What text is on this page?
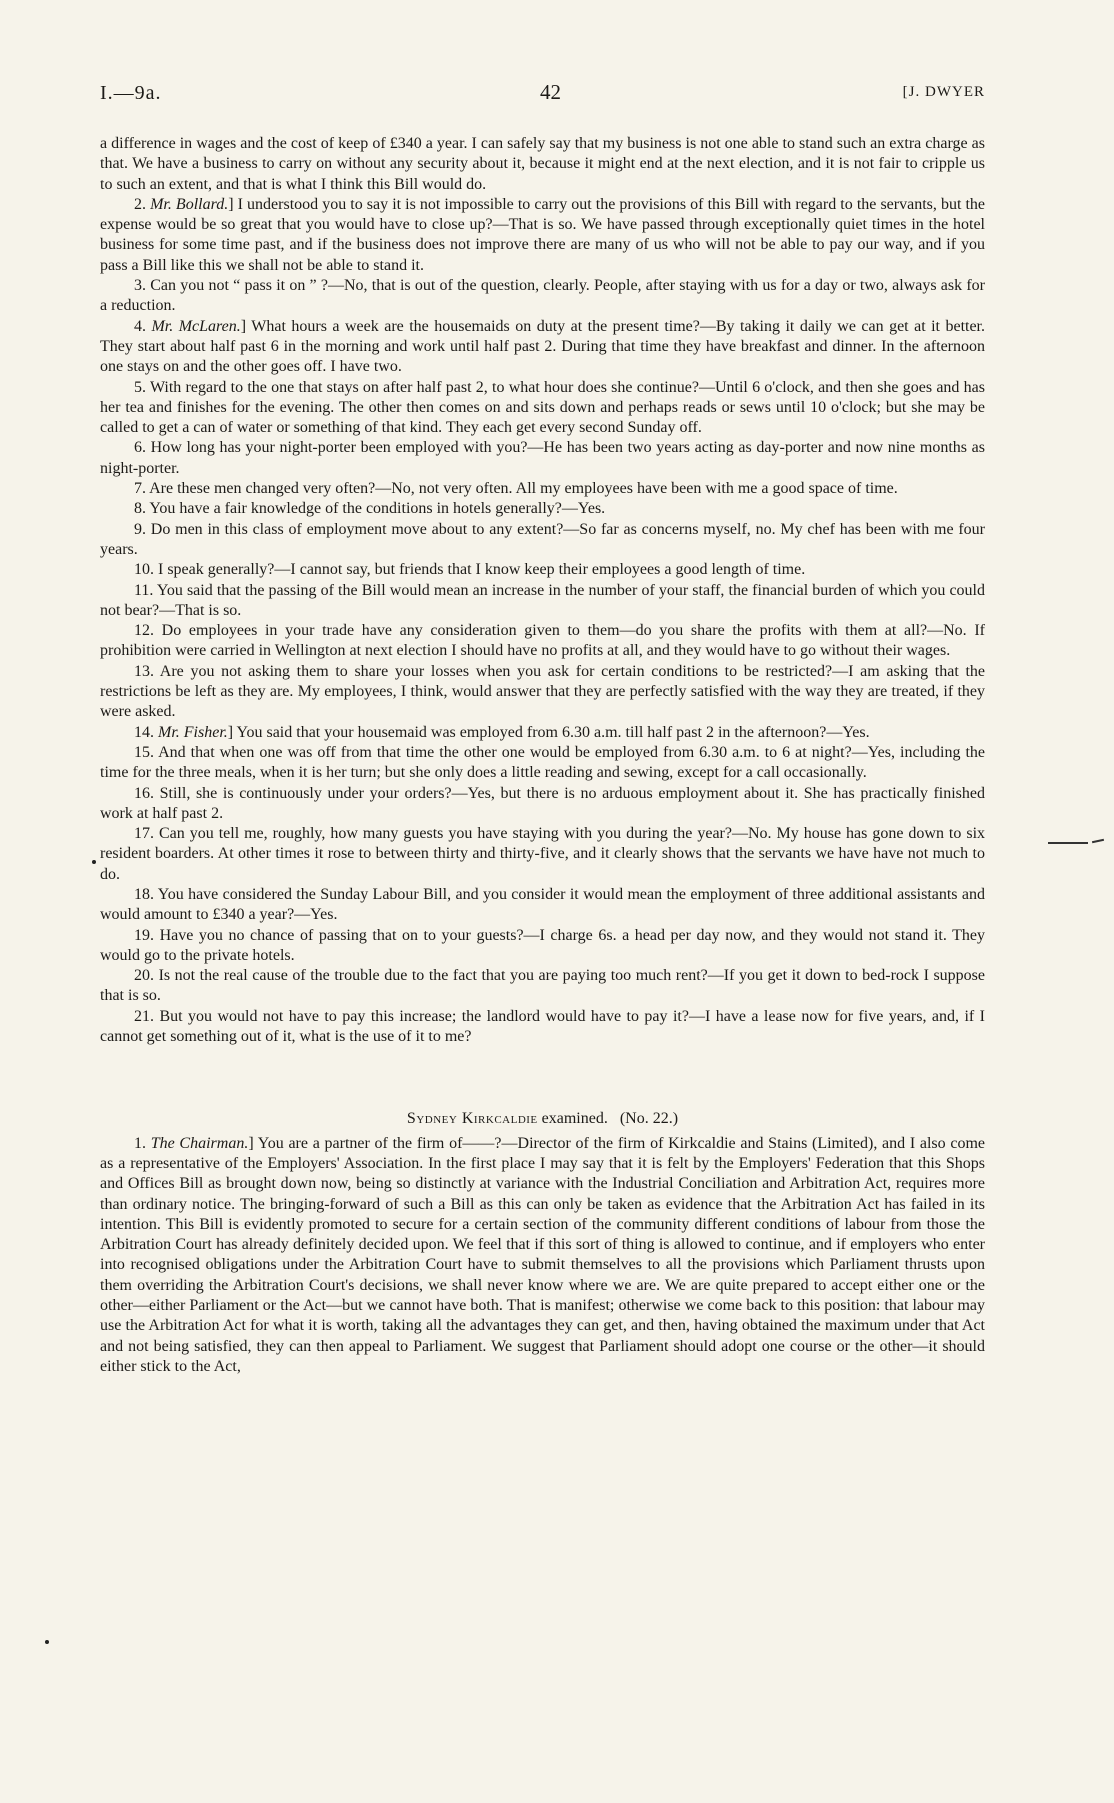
I.—9a.	42	[J. DWYER

a difference in wages and the cost of keep of £340 a year. I can safely say that my business is not one able to stand such an extra charge as that. We have a business to carry on without any security about it, because it might end at the next election, and it is not fair to cripple us to such an extent, and that is what I think this Bill would do.

2. Mr. Bollard.] I understood you to say it is not impossible to carry out the provisions of this Bill with regard to the servants, but the expense would be so great that you would have to close up?—That is so. We have passed through exceptionally quiet times in the hotel business for some time past, and if the business does not improve there are many of us who will not be able to pay our way, and if you pass a Bill like this we shall not be able to stand it.

3. Can you not “ pass it on ” ?—No, that is out of the question, clearly. People, after staying with us for a day or two, always ask for a reduction.

4. Mr. McLaren.] What hours a week are the housemaids on duty at the present time?—By taking it daily we can get at it better. They start about half past 6 in the morning and work until half past 2. During that time they have breakfast and dinner. In the afternoon one stays on and the other goes off. I have two.

5. With regard to the one that stays on after half past 2, to what hour does she continue?—Until 6 o'clock, and then she goes and has her tea and finishes for the evening. The other then comes on and sits down and perhaps reads or sews until 10 o'clock; but she may be called to get a can of water or something of that kind. They each get every second Sunday off.

6. How long has your night-porter been employed with you?—He has been two years acting as day-porter and now nine months as night-porter.

7. Are these men changed very often?—No, not very often. All my employees have been with me a good space of time.

8. You have a fair knowledge of the conditions in hotels generally?—Yes.

9. Do men in this class of employment move about to any extent?—So far as concerns myself, no. My chef has been with me four years.

10. I speak generally?—I cannot say, but friends that I know keep their employees a good length of time.

11. You said that the passing of the Bill would mean an increase in the number of your staff, the financial burden of which you could not bear?—That is so.

12. Do employees in your trade have any consideration given to them—do you share the profits with them at all?—No. If prohibition were carried in Wellington at next election I should have no profits at all, and they would have to go without their wages.

13. Are you not asking them to share your losses when you ask for certain conditions to be restricted?—I am asking that the restrictions be left as they are. My employees, I think, would answer that they are perfectly satisfied with the way they are treated, if they were asked.

14. Mr. Fisher.] You said that your housemaid was employed from 6.30 a.m. till half past 2 in the afternoon?—Yes.

15. And that when one was off from that time the other one would be employed from 6.30 a.m. to 6 at night?—Yes, including the time for the three meals, when it is her turn; but she only does a little reading and sewing, except for a call occasionally.

16. Still, she is continuously under your orders?—Yes, but there is no arduous employment about it. She has practically finished work at half past 2.

17. Can you tell me, roughly, how many guests you have staying with you during the year?—No. My house has gone down to six resident boarders. At other times it rose to between thirty and thirty-five, and it clearly shows that the servants we have have not much to do.

18. You have considered the Sunday Labour Bill, and you consider it would mean the employment of three additional assistants and would amount to £340 a year?—Yes.

19. Have you no chance of passing that on to your guests?—I charge 6s. a head per day now, and they would not stand it. They would go to the private hotels.

20. Is not the real cause of the trouble due to the fact that you are paying too much rent?—If you get it down to bed-rock I suppose that is so.

21. But you would not have to pay this increase; the landlord would have to pay it?—I have a lease now for five years, and, if I cannot get something out of it, what is the use of it to me?

Sydney Kirkcaldie examined. (No. 22.)

1. The Chairman.] You are a partner of the firm of——?—Director of the firm of Kirkcaldie and Stains (Limited), and I also come as a representative of the Employers' Association. In the first place I may say that it is felt by the Employers' Federation that this Shops and Offices Bill as brought down now, being so distinctly at variance with the Industrial Conciliation and Arbitration Act, requires more than ordinary notice. The bringing-forward of such a Bill as this can only be taken as evidence that the Arbitration Act has failed in its intention. This Bill is evidently promoted to secure for a certain section of the community different conditions of labour from those the Arbitration Court has already definitely decided upon. We feel that if this sort of thing is allowed to continue, and if employers who enter into recognised obligations under the Arbitration Court have to submit themselves to all the provisions which Parliament thrusts upon them overriding the Arbitration Court's decisions, we shall never know where we are. We are quite prepared to accept either one or the other—either Parliament or the Act—but we cannot have both. That is manifest; otherwise we come back to this position: that labour may use the Arbitration Act for what it is worth, taking all the advantages they can get, and then, having obtained the maximum under that Act and not being satisfied, they can then appeal to Parliament. We suggest that Parliament should adopt one course or the other—it should either stick to the Act,
